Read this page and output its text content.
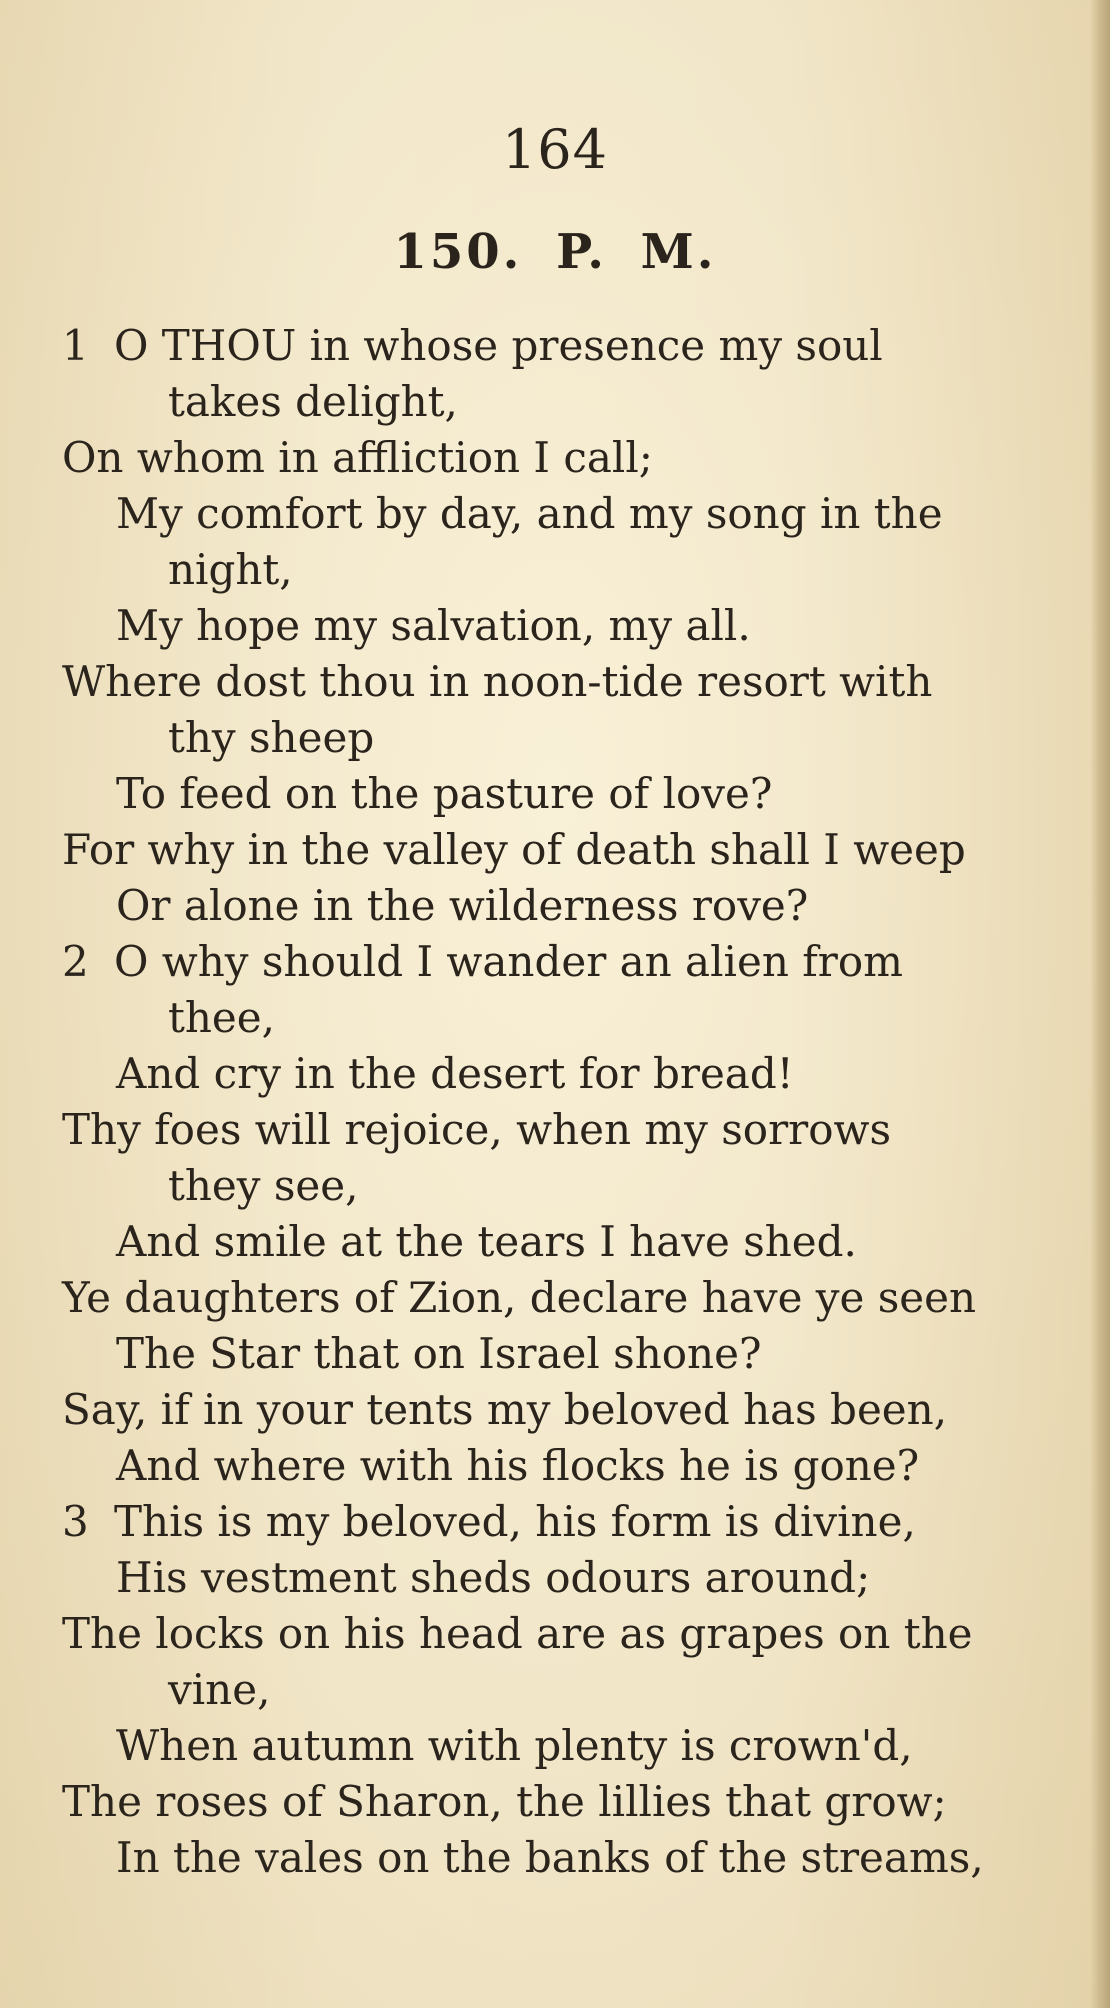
164
150. P. M.
1 O THOU in whose presence my soul
takes delight,
On whom in affliction I call;
My comfort by day, and my song in the
night,
My hope my salvation, my all.
Where dost thou in noon-tide resort with
thy sheep
To feed on the pasture of love?
For why in the valley of death shall I weep
Or alone in the wilderness rove?
2 O why should I wander an alien from
thee,
And cry in the desert for bread!
Thy foes will rejoice, when my sorrows
they see,
And smile at the tears I have shed.
Ye daughters of Zion, declare have ye seen
The Star that on Israel shone?
Say, if in your tents my beloved has been,
And where with his flocks he is gone?
3 This is my beloved, his form is divine,
His vestment sheds odours around;
The locks on his head are as grapes on the
vine,
When autumn with plenty is crown'd,
The roses of Sharon, the lillies that grow;
In the vales on the banks of the streams,
